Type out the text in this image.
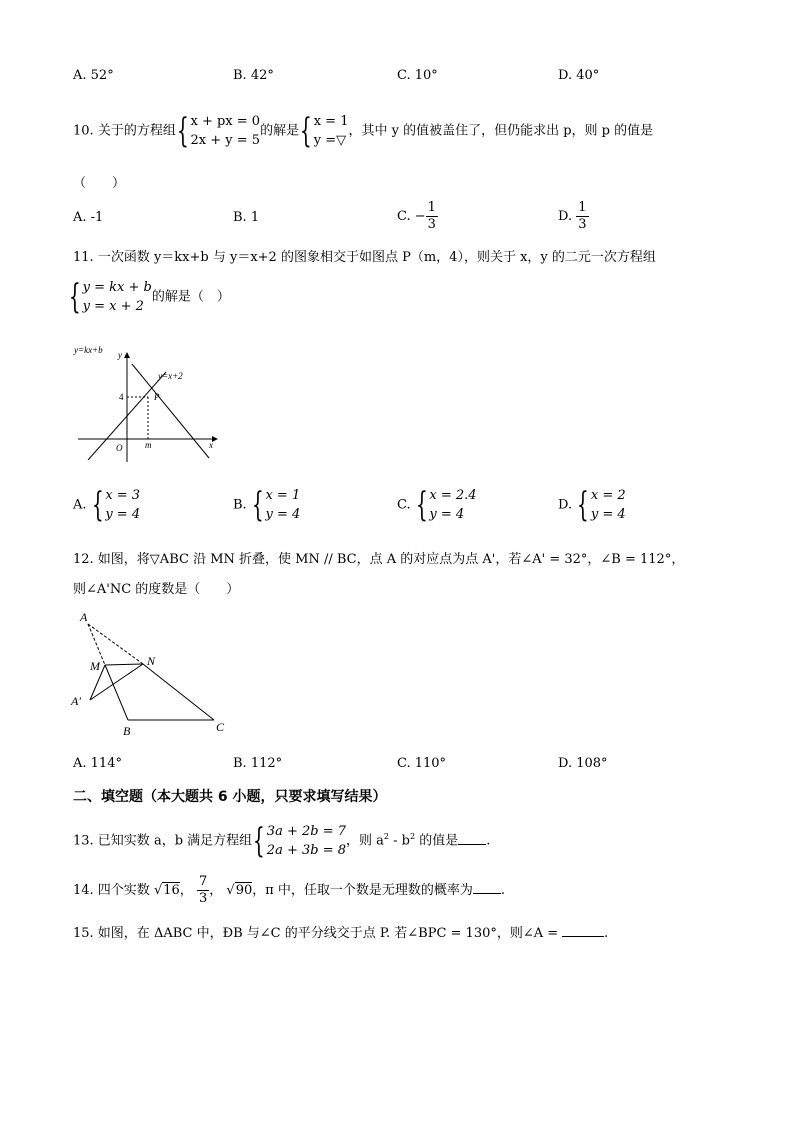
A. 52°	B. 42°	C. 10°	D. 40°
10. 关于的方程组 { x + px = 0
2x + y = 5
的解是 { x = 1
y =▽
，其中 y 的值被盖住了，但仍能求出 p，则 p 的值是
（　　）
A. -1	B. 1	C. − $\frac{1}{3}$	D. $\frac{1}{3}$
11. 一次函数 y＝kx+b 与 y＝x+2 的图象相交于如图点 P（m，4），则关于 x，y 的二元一次方程组
{ y = kx + b
y = x + 2
的解是（　）
y=kx+b y
y=x+2
P
4
O	m	x
A. { x = 3
y = 4
B. { x = 1
y = 4
C. { x = 2.4
y = 4
D. { x = 2
y = 4
12. 如图，将▽ABC 沿 MN 折叠，使 MN // BC，点 A 的对应点为点 A'，若∠A' = 32°，∠B = 112°，
则∠A'NC 的度数是（　　）
A
M	N
A′
B	C
A. 114°	B. 112°	C. 110°	D. 108°
二、填空题（本大题共 6 小题，只要求填写结果）
13. 已知实数 a，b 满足方程组 { 3a + 2b = 7
2a + 3b = 8
，则 $a^2 - b^2$ 的值是 .
14. 四个实数 √16， $\frac{7}{3}$ ， √90，π 中，任取一个数是无理数的概率为 .
15. 如图，在 ΔABC 中，ÐB 与∠C 的平分线交于点 P. 若∠BPC = 130°，则∠A =	.
